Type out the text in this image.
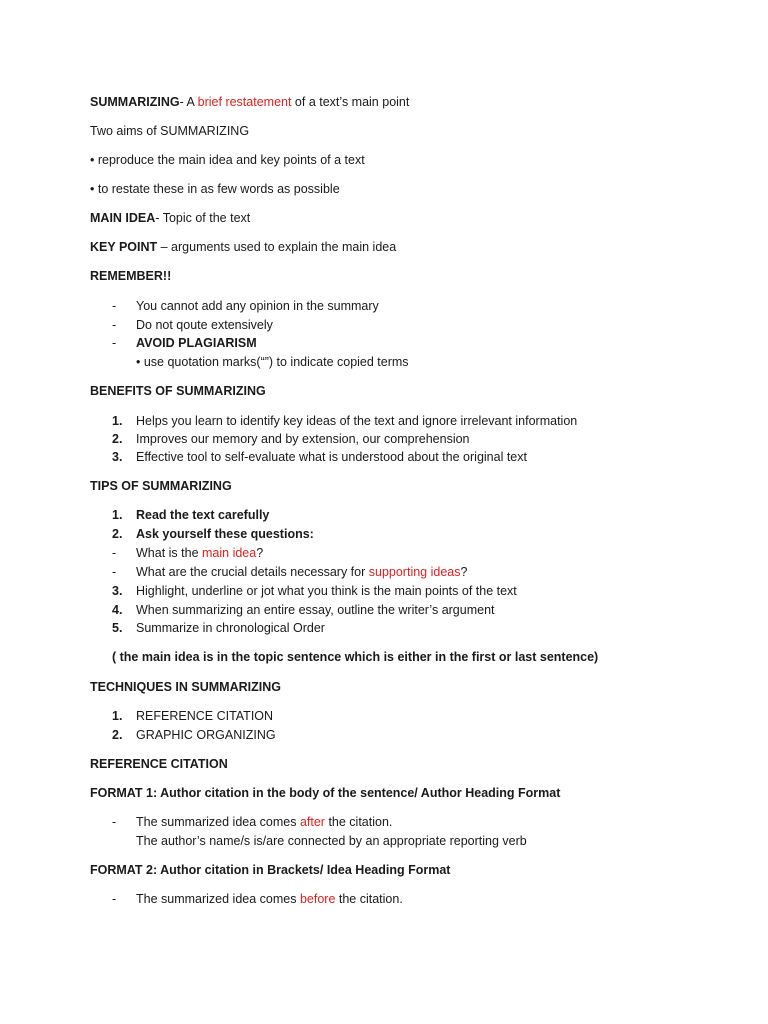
SUMMARIZING- A brief restatement of a text’s main point
Two aims of SUMMARIZING
• reproduce the main idea and key points of a text
• to restate these in as few words as possible
MAIN IDEA- Topic of the text
KEY POINT – arguments used to explain the main idea
REMEMBER!!
- You cannot add any opinion in the summary
- Do not qoute extensively
- AVOID PLAGIARISM
• use quotation marks(“”) to indicate copied terms
BENEFITS OF SUMMARIZING
1. Helps you learn to identify key ideas of the text and ignore irrelevant information
2. Improves our memory and by extension, our comprehension
3. Effective tool to self-evaluate what is understood about the original text
TIPS OF SUMMARIZING
1. Read the text carefully
2. Ask yourself these questions:
- What is the main idea?
- What are the crucial details necessary for supporting ideas?
3. Highlight, underline or jot what you think is the main points of the text
4. When summarizing an entire essay, outline the writer’s argument
5. Summarize in chronological Order
( the main idea is in the topic sentence which is either in the first or last sentence)
TECHNIQUES IN SUMMARIZING
1. REFERENCE CITATION
2. GRAPHIC ORGANIZING
REFERENCE CITATION
FORMAT 1: Author citation in the body of the sentence/ Author Heading Format
- The summarized idea comes after the citation.
The author’s name/s is/are connected by an appropriate reporting verb
FORMAT 2: Author citation in Brackets/ Idea Heading Format
- The summarized idea comes before the citation.
